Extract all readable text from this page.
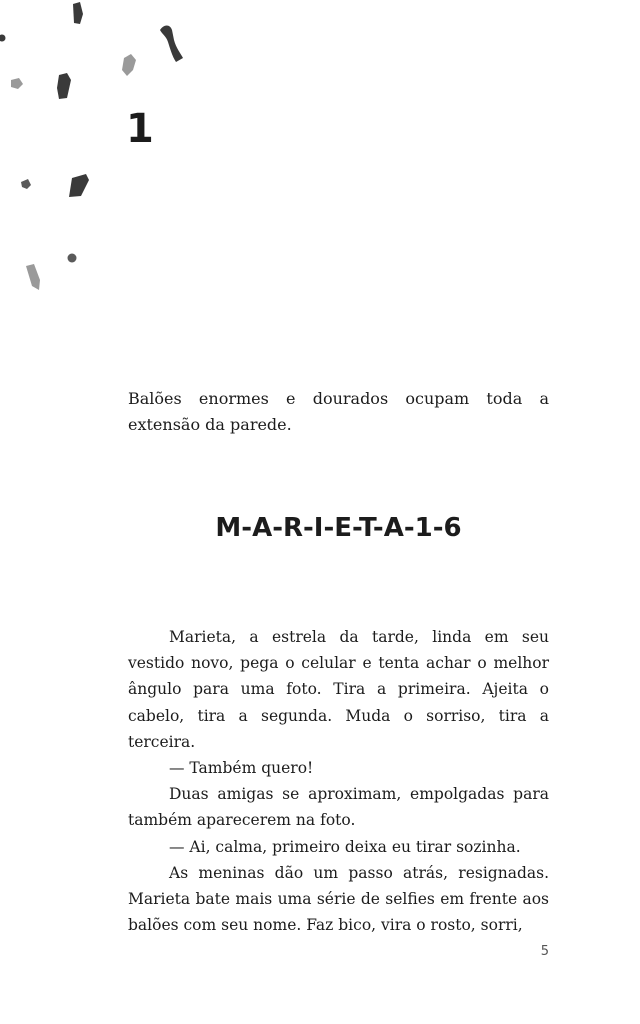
1

Balões enormes e dourados ocupam toda a extensão da parede.

M-A-R-I-E-T-A-1-6

Marieta, a estrela da tarde, linda em seu vestido novo, pega o celular e tenta achar o melhor ângulo para uma foto. Tira a primeira. Ajeita o cabelo, tira a segunda. Muda o sorriso, tira a terceira.

— Também quero!

Duas amigas se aproximam, empolgadas para também aparecerem na foto.

— Ai, calma, primeiro deixa eu tirar sozinha.

As meninas dão um passo atrás, resignadas. Marieta bate mais uma série de selfies em frente aos balões com seu nome. Faz bico, vira o rosto, sorri,

5
